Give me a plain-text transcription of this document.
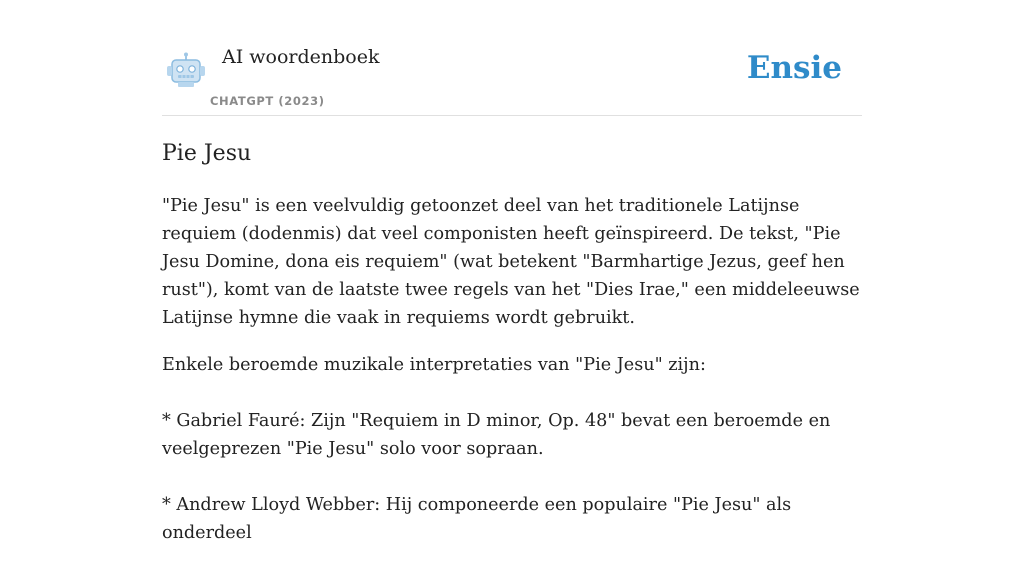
AI woordenboek
CHATGPT (2023)
Ensie
Pie Jesu

"Pie Jesu" is een veelvuldig getoonzet deel van het traditionele Latijnse requiem (dodenmis) dat veel componisten heeft geïnspireerd. De tekst, "Pie Jesu Domine, dona eis requiem" (wat betekent "Barmhartige Jezus, geef hen rust"), komt van de laatste twee regels van het "Dies Irae," een middeleeuwse Latijnse hymne die vaak in requiems wordt gebruikt.

Enkele beroemde muzikale interpretaties van "Pie Jesu" zijn:

* Gabriel Fauré: Zijn "Requiem in D minor, Op. 48" bevat een beroemde en veelgeprezen "Pie Jesu" solo voor sopraan.

* Andrew Lloyd Webber: Hij componeerde een populaire "Pie Jesu" als onderdeel
